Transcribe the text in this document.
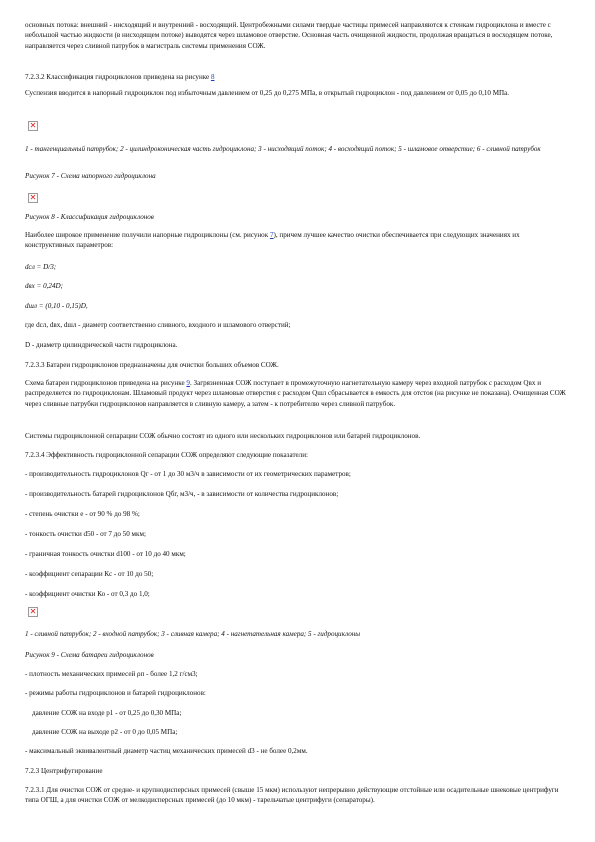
основных потока: внешний - нисходящий и внутренний - восходящий. Центробежными силами твердые частицы примесей направляются к стенкам гидроциклона и вместе с небольшой частью жидкости (в нисходящем потоке) выводятся через шламовое отверстие. Основная часть очищенной жидкости, продолжая вращаться в восходящем потоке, направляется через сливной патрубок в магистраль системы применения СОЖ.

7.2.3.2 Классификация гидроциклонов приведена на рисунке 8

Суспензия вводится в напорный гидроциклон под избыточным давлением от 0,25 до 0,275 МПа, в открытый гидроциклон - под давлением от 0,05 до 0,10 МПа.

✕

1 - тангенциальный патрубок; 2 - цилиндроконическая часть гидроциклона; 3 - нисходящий поток; 4 - восходящий поток; 5 - шламовое отверстие; 6 - сливной патрубок

Рисунок 7 - Схема напорного гидроциклона

✕

Рисунок 8 - Классификация гидроциклонов

Наиболее широкое применение получили напорные гидроциклоны (см. рисунок 7), причем лучшее качество очистки обеспечивается при следующих значениях их конструктивных параметров:

dсл = D/3;

dвх = 0,24D;

dшл = (0,10 - 0,15)D,

где dсл, dвх, dшл - диаметр соответственно сливного, входного и шламового отверстий;

D - диаметр цилиндрической части гидроциклона.

7.2.3.3 Батареи гидроциклонов предназначены для очистки больших объемов СОЖ.

Схема батареи гидроциклонов приведена на рисунке 9. Загрязненная СОЖ поступает в промежуточную нагнетательную камеру через входной патрубок с расходом Qвх и распределяется по гидроциклонам. Шламовый продукт через шламовые отверстия с расходом Qшл сбрасывается в емкость для отстоя (на рисунке не показана). Очищенная СОЖ через сливные патрубки гидроциклонов направляется в сливную камеру, а затем - к потребителю через сливной патрубок.

Системы гидроциклонной сепарации СОЖ обычно состоят из одного или нескольких гидроциклонов или батарей гидроциклонов.

7.2.3.4 Эффективность гидроциклонной сепарации СОЖ определяют следующие показатели:

- производительность гидроциклонов Qг - от 1 до 30 м3/ч в зависимости от их геометрических параметров;

- производительность батарей гидроциклонов Qбг, м3/ч, - в зависимости от количества гидроциклонов;

- степень очистки e - от 90 % до 98 %;

- тонкость очистки d50 - от 7 до 50 мкм;

- граничная тонкость очистки d100 - от 10 до 40 мкм;

- коэффициент сепарации Кс - от 10 до 50;

- коэффициент очистки Ко - от 0,3 до 1,0;

✕

1 - сливной патрубок; 2 - входной патрубок; 3 - сливная камера; 4 - нагнетательная камера; 5 - гидроциклоны

Рисунок 9 - Схема батареи гидроциклонов

- плотность механических примесей ρп - более 1,2 г/см3;

- режимы работы гидроциклонов и батарей гидроциклонов:

давление СОЖ на входе p1 - от 0,25 до 0,30 МПа;

давление СОЖ на выходе p2 - от 0 до 0,05 МПа;

- максимальный эквивалентный диаметр частиц механических примесей d3 - не более 0,2мм.

7.2.3 Центрифугирование

7.2.3.1 Для очистки СОЖ от средне- и крупнодисперсных примесей (свыше 15 мкм) используют непрерывно действующие отстойные или осадительные шнековые центрифуги типа ОГШ, а для очистки СОЖ от мелкодисперсных примесей (до 10 мкм) - тарельчатые центрифуги (сепараторы).
